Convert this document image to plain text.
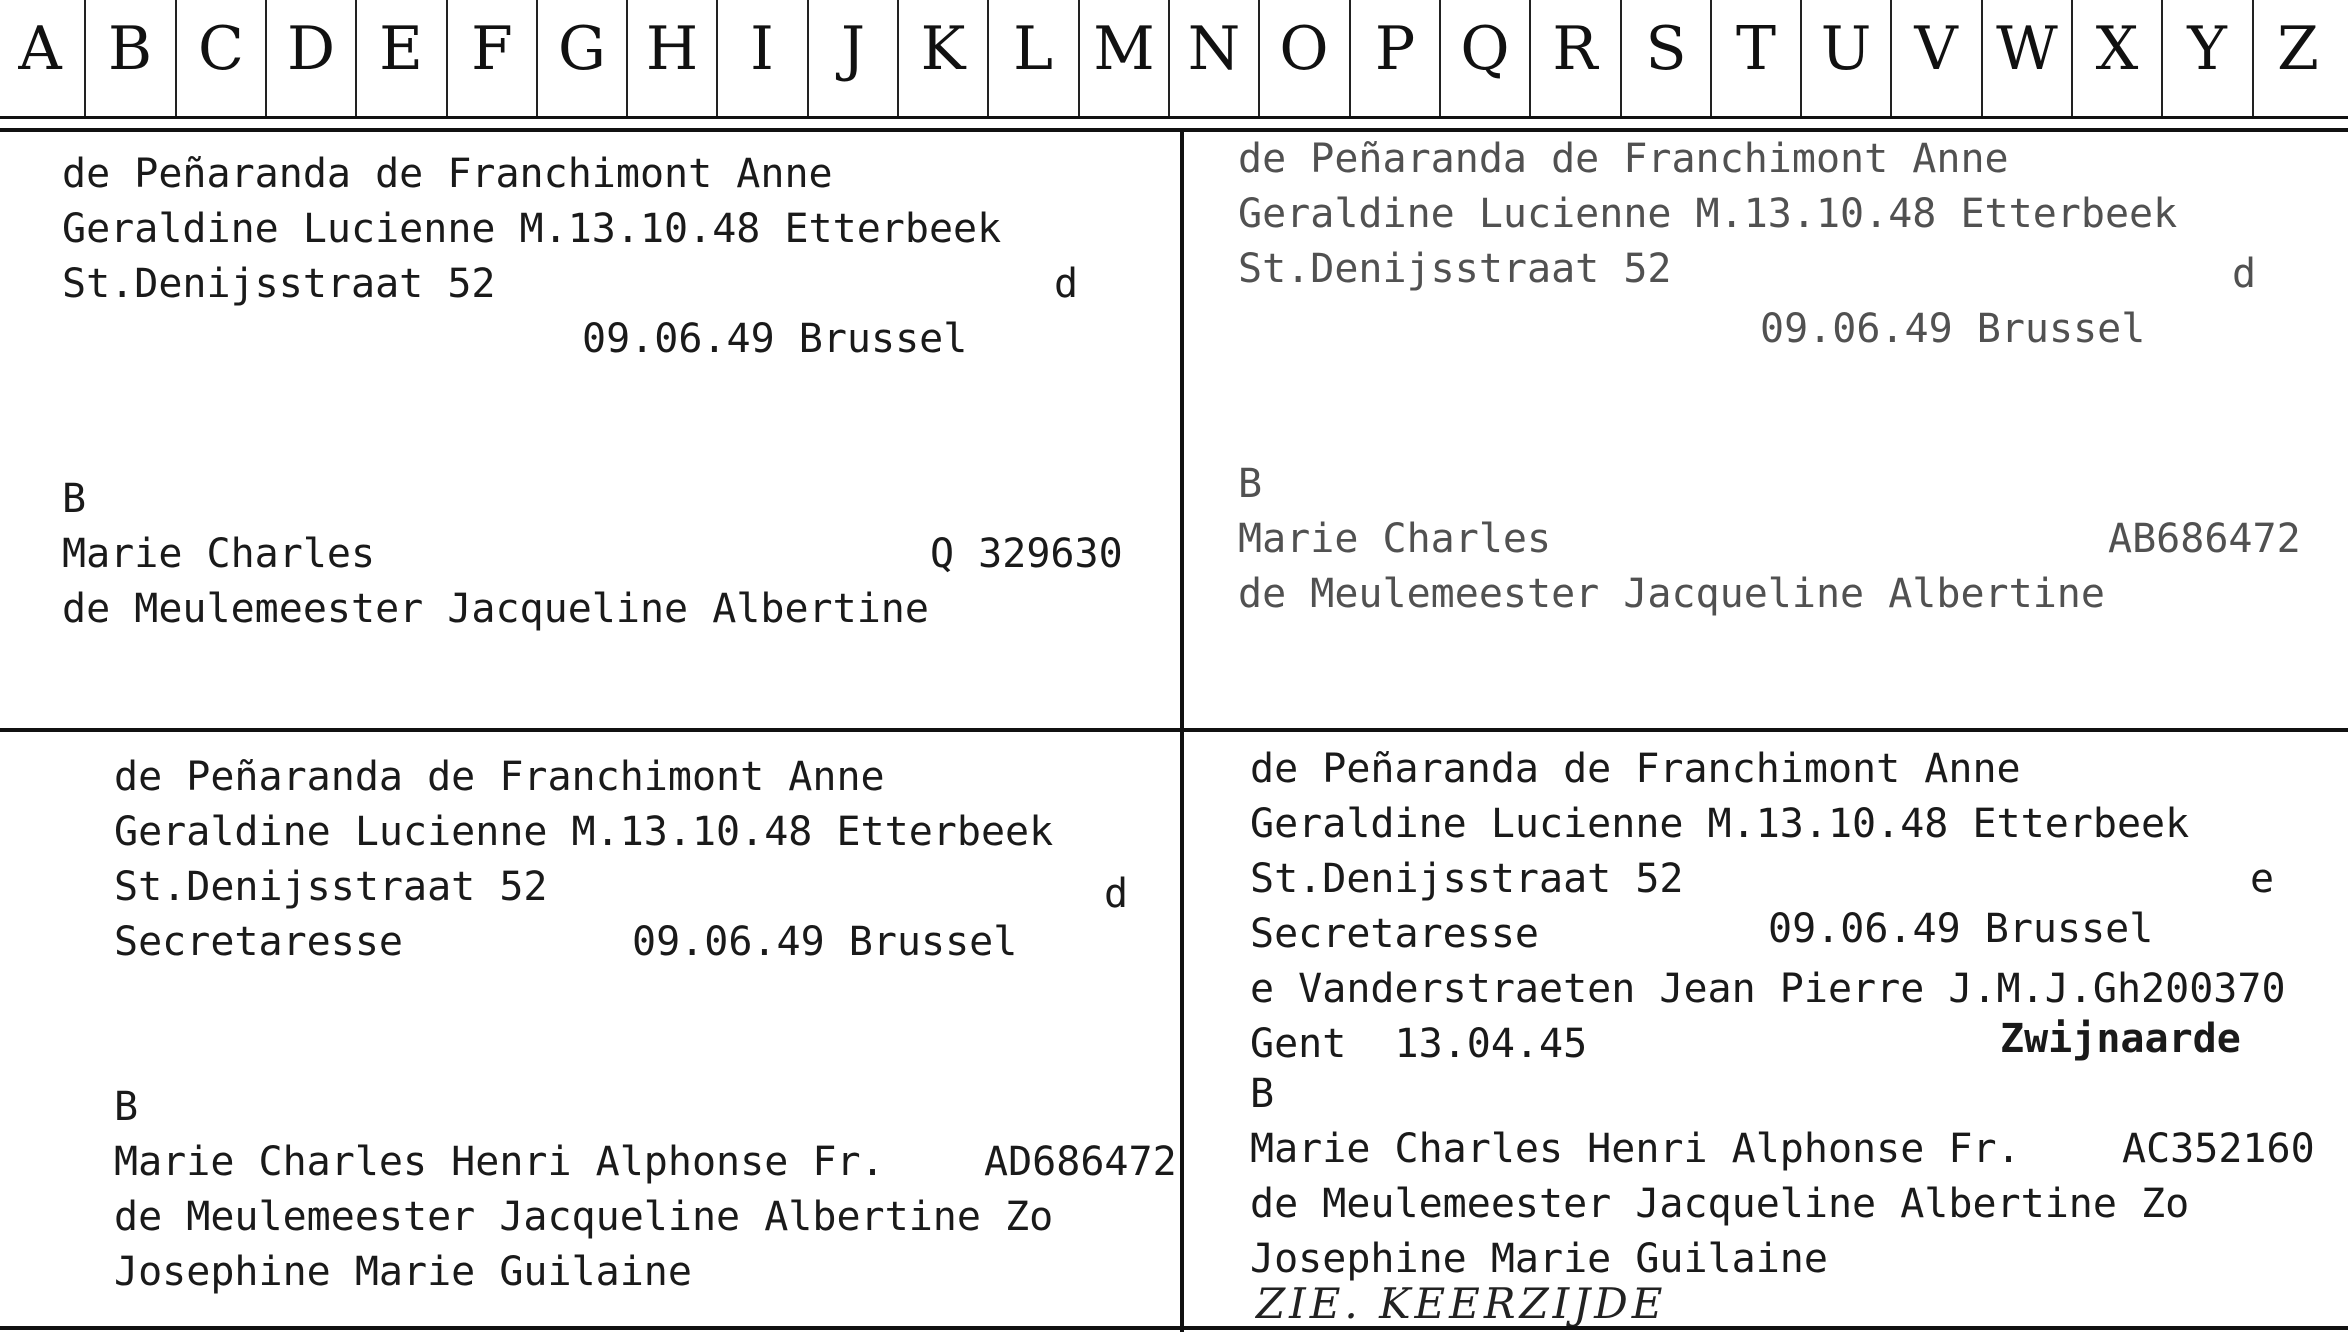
A B C D E F G H I	J K L M N O P Q R S T U V W X Y Z

de Peñaranda de Franchimont Anne

Geraldine Lucienne M.13.10.48 Etterbeek

St.Denijsstraat 52

	d

09.06.49 Brussel

B

Marie Charles

	Q 329630

de Meulemeester Jacqueline Albertine

de Peñaranda de Franchimont Anne

Geraldine Lucienne M.13.10.48 Etterbeek

St.Denijsstraat 52

	d

09.06.49 Brussel

B

Marie Charles

	AB686472

de Meulemeester Jacqueline Albertine

de Peñaranda de Franchimont Anne

Geraldine Lucienne M.13.10.48 Etterbeek

St.Denijsstraat 52

	d

Secretaresse

	09.06.49 Brussel

B

Marie Charles Henri Alphonse Fr.

AD686472

de Meulemeester Jacqueline Albertine Zo

Josephine Marie Guilaine

de Peñaranda de Franchimont Anne

Geraldine Lucienne M.13.10.48 Etterbeek

St.Denijsstraat 52

	e

Secretaresse

	09.06.49 Brussel

e Vanderstraeten Jean Pierre J.M.J.Gh200370

Gent  13.04.45

	Zwijnaarde

B

Marie Charles Henri Alphonse Fr.

	AC352160

de Meulemeester Jacqueline Albertine Zo

Josephine Marie Guilaine

ZIE. KEERZIJDE
